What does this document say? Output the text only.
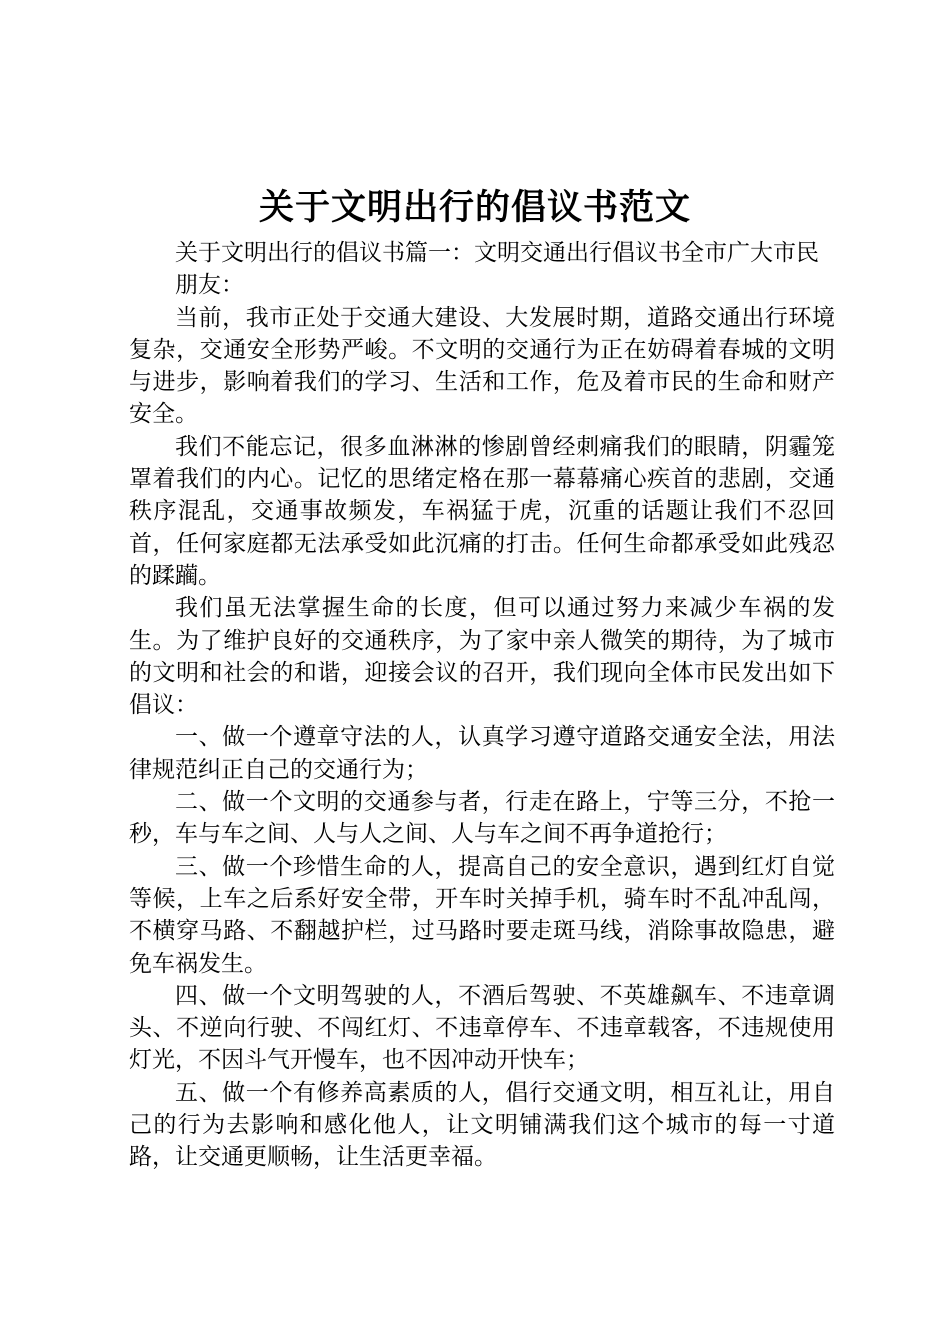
关于文明出行的倡议书范文

关于文明出行的倡议书篇一：文明交通出行倡议书全市广大市民

朋友：

当前，我市正处于交通大建设、大发展时期，道路交通出行环境复杂，交通安全形势严峻。不文明的交通行为正在妨碍着春城的文明与进步，影响着我们的学习、生活和工作，危及着市民的生命和财产安全。

我们不能忘记，很多血淋淋的惨剧曾经刺痛我们的眼睛，阴霾笼罩着我们的内心。记忆的思绪定格在那一幕幕痛心疾首的悲剧，交通秩序混乱，交通事故频发，车祸猛于虎，沉重的话题让我们不忍回首，任何家庭都无法承受如此沉痛的打击。任何生命都承受如此残忍的蹂躏。

我们虽无法掌握生命的长度，但可以通过努力来减少车祸的发生。为了维护良好的交通秩序，为了家中亲人微笑的期待，为了城市的文明和社会的和谐，迎接会议的召开，我们现向全体市民发出如下倡议：

一、做一个遵章守法的人，认真学习遵守道路交通安全法，用法律规范纠正自己的交通行为；

二、做一个文明的交通参与者，行走在路上，宁等三分，不抢一秒，车与车之间、人与人之间、人与车之间不再争道抢行；

三、做一个珍惜生命的人，提高自己的安全意识，遇到红灯自觉等候，上车之后系好安全带，开车时关掉手机，骑车时不乱冲乱闯，不横穿马路、不翻越护栏，过马路时要走斑马线，消除事故隐患，避免车祸发生。

四、做一个文明驾驶的人，不酒后驾驶、不英雄飙车、不违章调头、不逆向行驶、不闯红灯、不违章停车、不违章载客，不违规使用灯光，不因斗气开慢车，也不因冲动开快车；

五、做一个有修养高素质的人，倡行交通文明，相互礼让，用自己的行为去影响和感化他人，让文明铺满我们这个城市的每一寸道路，让交通更顺畅，让生活更幸福。
